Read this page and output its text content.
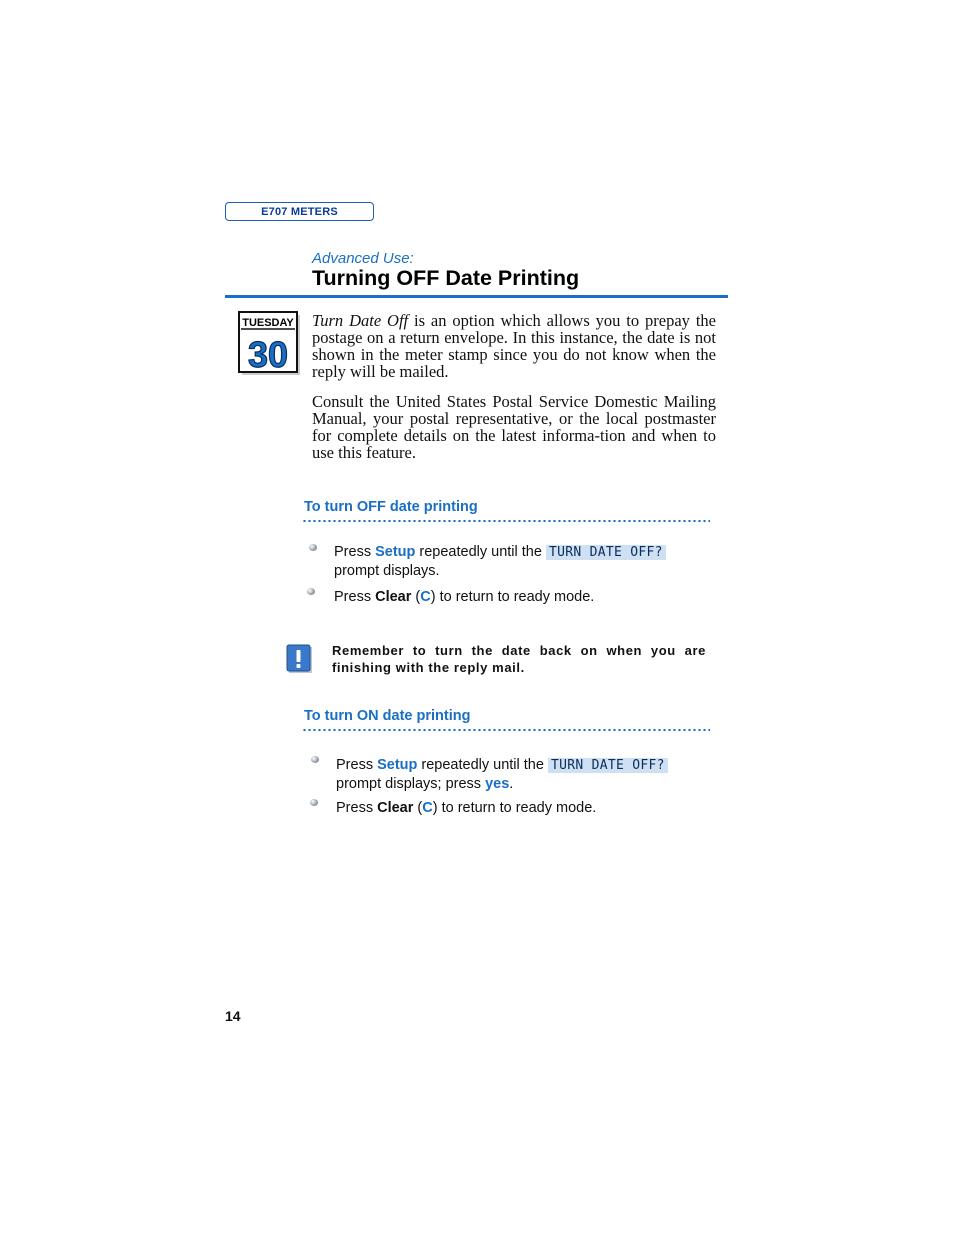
E707 METERS
Advanced Use:
Turning OFF Date Printing
TUESDAY
30
Turn Date Off is an option which allows you to prepay the postage on a return envelope. In this instance, the date is not shown in the meter stamp since you do not know when the reply will be mailed.
Consult the United States Postal Service Domestic Mailing Manual, your postal representative, or the local postmaster for complete details on the latest informa-tion and when to use this feature.
To turn OFF date printing
Press Setup repeatedly until the TURN DATE OFF?
prompt displays.
Press Clear (C) to return to ready mode.
Remember to turn the date back on when you are finishing with the reply mail.
To turn ON date printing
Press Setup repeatedly until the TURN DATE OFF?
prompt displays; press yes.
Press Clear (C) to return to ready mode.
14
